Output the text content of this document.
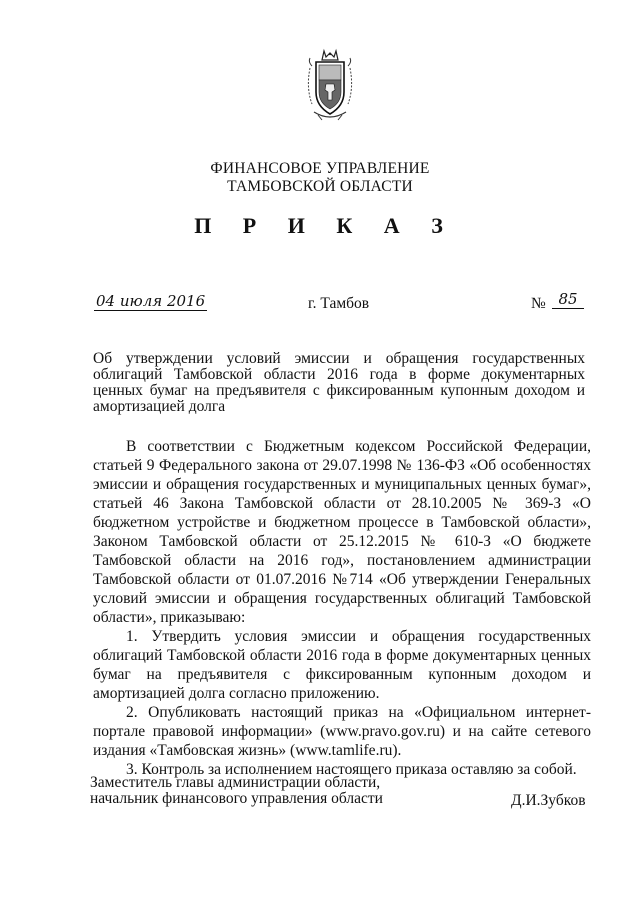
ФИНАНСОВОЕ УПРАВЛЕНИЕ
ТАМБОВСКОЙ ОБЛАСТИ
П Р И К А З
04 июля 2016	г. Тамбов	№ 85
Об утверждении условий эмиссии и обращения государственных облигаций Тамбовской области 2016 года в форме документарных ценных бумаг на предъявителя с фиксированным купонным доходом и амортизацией долга

В соответствии с Бюджетным кодексом Российской Федерации, статьей 9 Федерального закона от 29.07.1998 № 136-ФЗ «Об особенностях эмиссии и обращения государственных и муниципальных ценных бумаг», статьей 46 Закона Тамбовской области от 28.10.2005 № 369-З «О бюджетном устройстве и бюджетном процессе в Тамбовской области», Законом Тамбовской области от 25.12.2015 № 610-З «О бюджете Тамбовской области на 2016 год», постановлением администрации Тамбовской области от 01.07.2016 №714 «Об утверждении Генеральных условий эмиссии и обращения государственных облигаций Тамбовской области», приказываю:

1. Утвердить условия эмиссии и обращения государственных облигаций Тамбовской области 2016 года в форме документарных ценных бумаг на предъявителя с фиксированным купонным доходом и амортизацией долга согласно приложению.

2. Опубликовать настоящий приказ на «Официальном интернет-портале правовой информации» (www.pravo.gov.ru) и на сайте сетевого издания «Тамбовская жизнь» (www.tamlife.ru).

3. Контроль за исполнением настоящего приказа оставляю за собой.

Заместитель главы администрации области,
начальник финансового управления области	Д.И.Зубков
